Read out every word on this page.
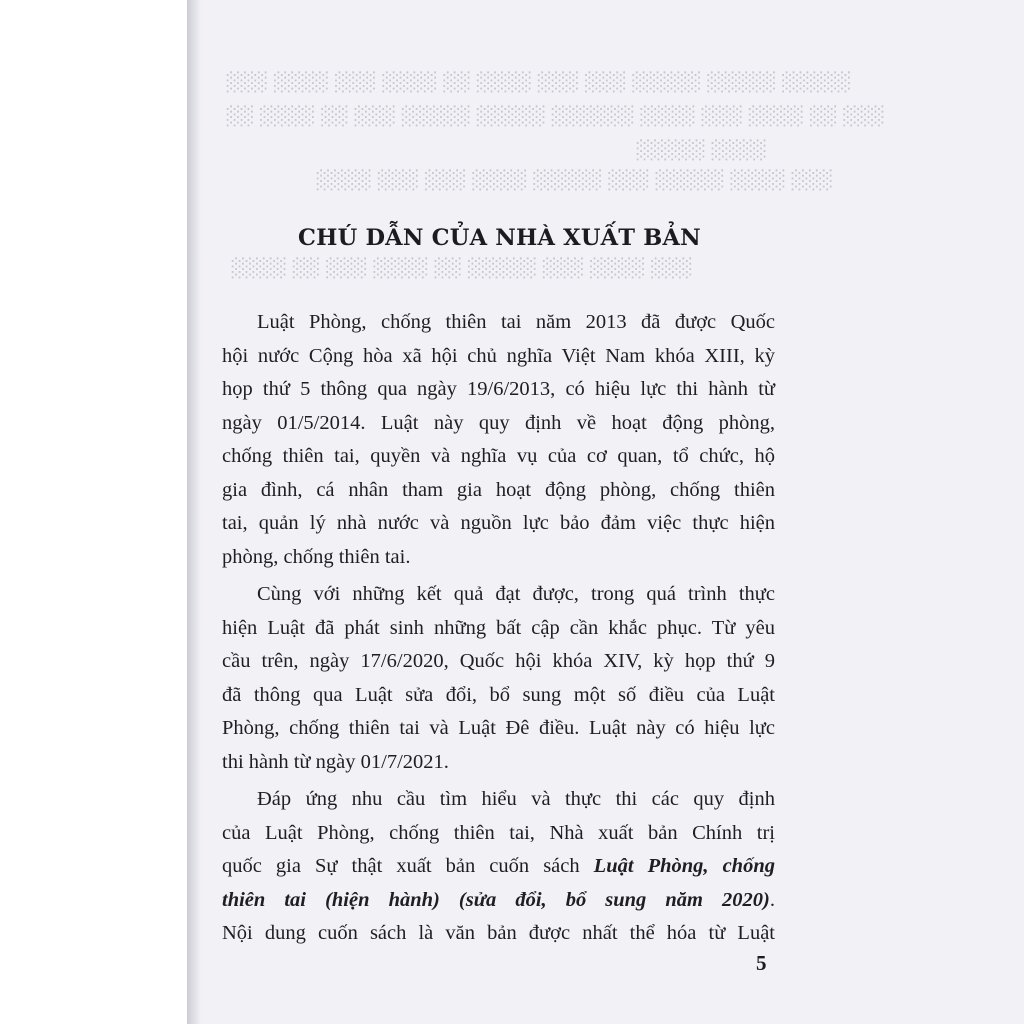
░░░░░ ░░░░░ ░░░░░ ░░░ ░░░ ░░░░ ░░ ░░░░ ░░░ ░░░░ ░░░
░░░ ░░ ░░░░ ░░░ ░░░░ ░░░░░░ ░░░░░ ░░░░░ ░░░ ░░ ░░░░ ░░
░░░░ ░░░░░
░░░ ░░░░ ░░░░░ ░░░ ░░░░░ ░░░░ ░░░ ░░░ ░░░░
░░░ ░░░░ ░░░ ░░░░░ ░░ ░░░░ ░░░ ░░ ░░░░
CHÚ DẪN CỦA NHÀ XUẤT BẢN
Luật Phòng, chống thiên tai năm 2013 đã được Quốc
hội nước Cộng hòa xã hội chủ nghĩa Việt Nam khóa XIII, kỳ
họp thứ 5 thông qua ngày 19/6/2013, có hiệu lực thi hành từ
ngày 01/5/2014. Luật này quy định về hoạt động phòng,
chống thiên tai, quyền và nghĩa vụ của cơ quan, tổ chức, hộ
gia đình, cá nhân tham gia hoạt động phòng, chống thiên
tai, quản lý nhà nước và nguồn lực bảo đảm việc thực hiện
phòng, chống thiên tai.
Cùng với những kết quả đạt được, trong quá trình thực
hiện Luật đã phát sinh những bất cập cần khắc phục. Từ yêu
cầu trên, ngày 17/6/2020, Quốc hội khóa XIV, kỳ họp thứ 9
đã thông qua Luật sửa đổi, bổ sung một số điều của Luật
Phòng, chống thiên tai và Luật Đê điều. Luật này có hiệu lực
thi hành từ ngày 01/7/2021.
Đáp ứng nhu cầu tìm hiểu và thực thi các quy định
của Luật Phòng, chống thiên tai, Nhà xuất bản Chính trị
quốc gia Sự thật xuất bản cuốn sách Luật Phòng, chống
thiên tai (hiện hành) (sửa đổi, bổ sung năm 2020).
Nội dung cuốn sách là văn bản được nhất thể hóa từ Luật
5
